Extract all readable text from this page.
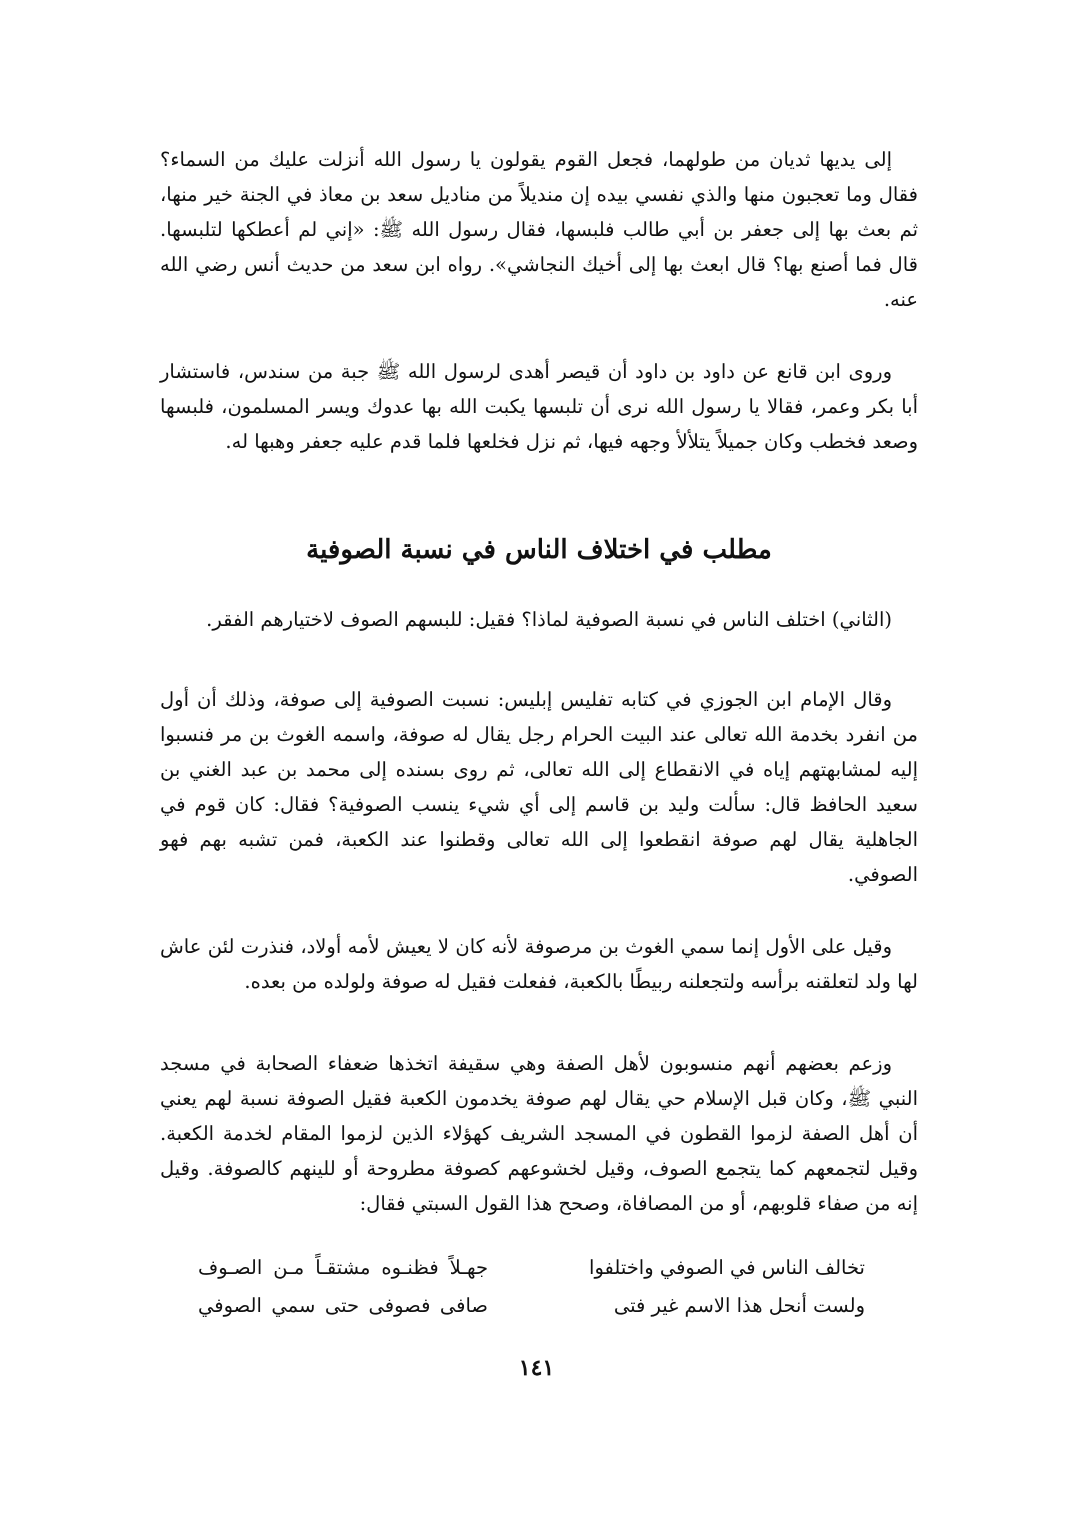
إلى يديها ثديان من طولهما، فجعل القوم يقولون يا رسول الله أنزلت عليك من السماء؟ فقال وما تعجبون منها والذي نفسي بيده إن منديلاً من مناديل سعد بن معاذ في الجنة خير منها، ثم بعث بها إلى جعفر بن أبي طالب فلبسها، فقال رسول الله ﷺ: «إني لم أعطكها لتلبسها. قال فما أصنع بها؟ قال ابعث بها إلى أخيك النجاشي». رواه ابن سعد من حديث أنس رضي الله عنه.

وروى ابن قانع عن داود بن داود أن قيصر أهدى لرسول الله ﷺ جبة من سندس، فاستشار أبا بكر وعمر، فقالا يا رسول الله نرى أن تلبسها يكبت الله بها عدوك ويسر المسلمون، فلبسها وصعد فخطب وكان جميلاً يتلألأ وجهه فيها، ثم نزل فخلعها فلما قدم عليه جعفر وهبها له.

مطلب في اختلاف الناس في نسبة الصوفية

(الثاني) اختلف الناس في نسبة الصوفية لماذا؟ فقيل: للبسهم الصوف لاختيارهم الفقر.

وقال الإمام ابن الجوزي في كتابه تفليس إبليس: نسبت الصوفية إلى صوفة، وذلك أن أول من انفرد بخدمة الله تعالى عند البيت الحرام رجل يقال له صوفة، واسمه الغوث بن مر فنسبوا إليه لمشابهتهم إياه في الانقطاع إلى الله تعالى، ثم روى بسنده إلى محمد بن عبد الغني بن سعيد الحافظ قال: سألت وليد بن قاسم إلى أي شيء ينسب الصوفية؟ فقال: كان قوم في الجاهلية يقال لهم صوفة انقطعوا إلى الله تعالى وقطنوا عند الكعبة، فمن تشبه بهم فهو الصوفي.

وقيل على الأول إنما سمي الغوث بن مرصوفة لأنه كان لا يعيش لأمه أولاد، فنذرت لئن عاش لها ولد لتعلقنه برأسه ولتجعلنه ربيطًا بالكعبة، ففعلت فقيل له صوفة ولولده من بعده.

وزعم بعضهم أنهم منسوبون لأهل الصفة وهي سقيفة اتخذها ضعفاء الصحابة في مسجد النبي ﷺ، وكان قبل الإسلام حي يقال لهم صوفة يخدمون الكعبة فقيل الصوفة نسبة لهم يعني أن أهل الصفة لزموا القطون في المسجد الشريف كهؤلاء الذين لزموا المقام لخدمة الكعبة. وقيل لتجمعهم كما يتجمع الصوف، وقيل لخشوعهم كصوفة مطروحة أو للينهم كالصوفة. وقيل إنه من صفاء قلوبهم، أو من المصافاة، وصحح هذا القول السبتي فقال:

تخالف الناس في الصوفي واختلفوا

جهـلاً فظنـوه مشتقـاً مـن الصـوف

ولست أنحل هذا الاسم غير فتى

صافى فصوفى حتى سمي الصوفي

١٤١
